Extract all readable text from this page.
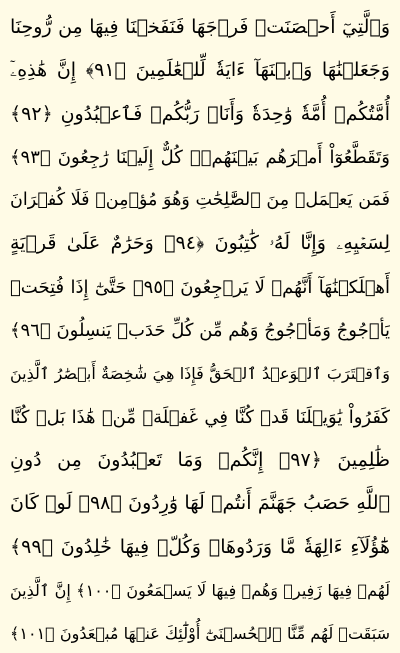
وَٱلَّتِيٓ أَحۡصَنَتۡ فَرۡجَهَا فَنَفَخۡنَا فِيهَا مِن رُّوحِنَا
وَجَعَلۡنَٰهَا وَٱبۡنَهَآ ءَايَةٗ لِّلۡعَٰلَمِينَ ﴿٩١﴾ إِنَّ هَٰذِهِۦٓ
أُمَّتُكُمۡ أُمَّةٗ وَٰحِدَةٗ وَأَنَا۠ رَبُّكُمۡ فَٱعۡبُدُونِ ﴿٩٢﴾
وَتَقَطَّعُوٓاْ أَمۡرَهُم بَيۡنَهُمۡۖ كُلٌّ إِلَيۡنَا رَٰجِعُونَ ﴿٩٣﴾
فَمَن يَعۡمَلۡ مِنَ ٱلصَّٰلِحَٰتِ وَهُوَ مُؤۡمِنٞ فَلَا كُفۡرَانَ
لِسَعۡيِهِۦ وَإِنَّا لَهُۥ كَٰتِبُونَ ﴿٩٤﴾ وَحَرَٰمٌ عَلَىٰ قَرۡيَةٍ
أَهۡلَكۡنَٰهَآ أَنَّهُمۡ لَا يَرۡجِعُونَ ﴿٩٥﴾ حَتَّىٰٓ إِذَا فُتِحَتۡ
يَأۡجُوجُ وَمَأۡجُوجُ وَهُم مِّن كُلِّ حَدَبٖ يَنسِلُونَ ﴿٩٦﴾
وَٱقۡتَرَبَ ٱلۡوَعۡدُ ٱلۡحَقُّ فَإِذَا هِيَ شَٰخِصَةٌ أَبۡصَٰرُ ٱلَّذِينَ
كَفَرُواْ يَٰوَيۡلَنَا قَدۡ كُنَّا فِي غَفۡلَةٖ مِّنۡ هَٰذَا بَلۡ كُنَّا
ظَٰلِمِينَ ﴿٩٧﴾ إِنَّكُمۡ وَمَا تَعۡبُدُونَ مِن دُونِ
ٱللَّهِ حَصَبُ جَهَنَّمَ أَنتُمۡ لَهَا وَٰرِدُونَ ﴿٩٨﴾ لَوۡ كَانَ
هَٰٓؤُلَآءِ ءَالِهَةٗ مَّا وَرَدُوهَاۖ وَكُلّٞ فِيهَا خَٰلِدُونَ ﴿٩٩﴾
لَهُمۡ فِيهَا زَفِيرٞ وَهُمۡ فِيهَا لَا يَسۡمَعُونَ ﴿١٠٠﴾ إِنَّ ٱلَّذِينَ
سَبَقَتۡ لَهُم مِّنَّا ٱلۡحُسۡنَىٰٓ أُوْلَٰٓئِكَ عَنۡهَا مُبۡعَدُونَ ﴿١٠١﴾
